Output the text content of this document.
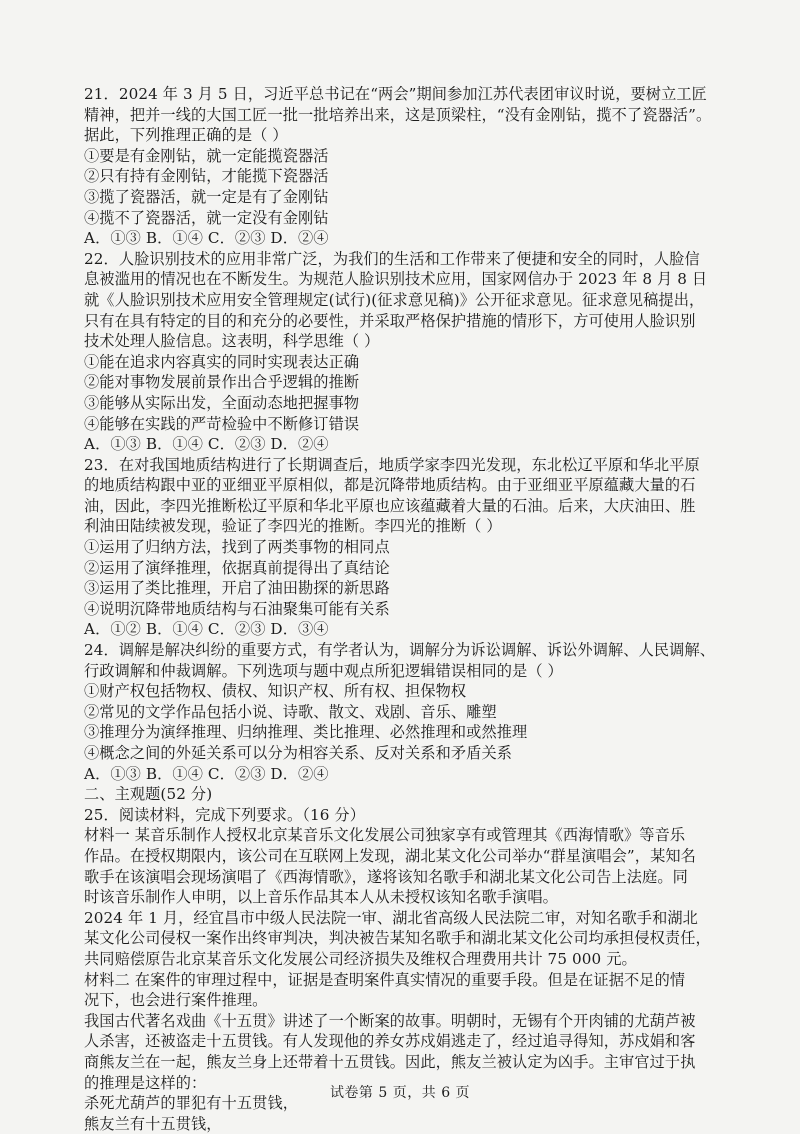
21．2024 年 3 月 5 日，习近平总书记在“两会”期间参加江苏代表团审议时说，要树立工匠
精神，把并一线的大国工匠一批一批培养出来，这是顶梁柱，“没有金刚钻，揽不了瓷器活”。
据此，下列推理正确的是（ ）
①要是有金刚钻，就一定能揽瓷器活
②只有持有金刚钻，才能揽下瓷器活
③揽了瓷器活，就一定是有了金刚钻
④揽不了瓷器活，就一定没有金刚钻
A．①③ B．①④ C．②③ D．②④
22．人脸识别技术的应用非常广泛，为我们的生活和工作带来了便捷和安全的同时，人脸信
息被滥用的情况也在不断发生。为规范人脸识别技术应用，国家网信办于 2023 年 8 月 8 日
就《人脸识别技术应用安全管理规定(试行)(征求意见稿)》公开征求意见。征求意见稿提出，
只有在具有特定的目的和充分的必要性，并采取严格保护措施的情形下，方可使用人脸识别
技术处理人脸信息。这表明，科学思维（ ）
①能在追求内容真实的同时实现表达正确
②能对事物发展前景作出合乎逻辑的推断
③能够从实际出发，全面动态地把握事物
④能够在实践的严苛检验中不断修订错误
A．①③ B．①④ C．②③ D．②④
23．在对我国地质结构进行了长期调查后，地质学家李四光发现，东北松辽平原和华北平原
的地质结构跟中亚的亚细亚平原相似，都是沉降带地质结构。由于亚细亚平原蕴藏大量的石
油，因此，李四光推断松辽平原和华北平原也应该蕴藏着大量的石油。后来，大庆油田、胜
利油田陆续被发现，验证了李四光的推断。李四光的推断（ ）
①运用了归纳方法，找到了两类事物的相同点
②运用了演绎推理，依据真前提得出了真结论
③运用了类比推理，开启了油田勘探的新思路
④说明沉降带地质结构与石油聚集可能有关系
A．①② B．①④ C．②③ D．③④
24．调解是解决纠纷的重要方式，有学者认为，调解分为诉讼调解、诉讼外调解、人民调解、
行政调解和仲裁调解。下列选项与题中观点所犯逻辑错误相同的是（ ）
①财产权包括物权、债权、知识产权、所有权、担保物权
②常见的文学作品包括小说、诗歌、散文、戏剧、音乐、雕塑
③推理分为演绎推理、归纳推理、类比推理、必然推理和或然推理
④概念之间的外延关系可以分为相容关系、反对关系和矛盾关系
A．①③ B．①④ C．②③ D．②④
二、主观题(52 分)
25．阅读材料，完成下列要求。（16 分）
材料一 某音乐制作人授权北京某音乐文化发展公司独家享有或管理其《西海情歌》等音乐
作品。在授权期限内，该公司在互联网上发现，湖北某文化公司举办“群星演唱会”，某知名
歌手在该演唱会现场演唱了《西海情歌》，遂将该知名歌手和湖北某文化公司告上法庭。同
时该音乐制作人申明，以上音乐作品其本人从未授权该知名歌手演唱。
2024 年 1 月，经宜昌市中级人民法院一审、湖北省高级人民法院二审，对知名歌手和湖北
某文化公司侵权一案作出终审判决，判决被告某知名歌手和湖北某文化公司均承担侵权责任，
共同赔偿原告北京某音乐文化发展公司经济损失及维权合理费用共计 75 000 元。
材料二 在案件的审理过程中，证据是查明案件真实情况的重要手段。但是在证据不足的情
况下，也会进行案件推理。
我国古代著名戏曲《十五贯》讲述了一个断案的故事。明朝时，无锡有个开肉铺的尤葫芦被
人杀害，还被盗走十五贯钱。有人发现他的养女苏戍娟逃走了，经过追寻得知，苏戍娟和客
商熊友兰在一起，熊友兰身上还带着十五贯钱。因此，熊友兰被认定为凶手。主审官过于执
的推理是这样的：
杀死尤葫芦的罪犯有十五贯钱，
熊友兰有十五贯钱，
试卷第 5 页，共 6 页
